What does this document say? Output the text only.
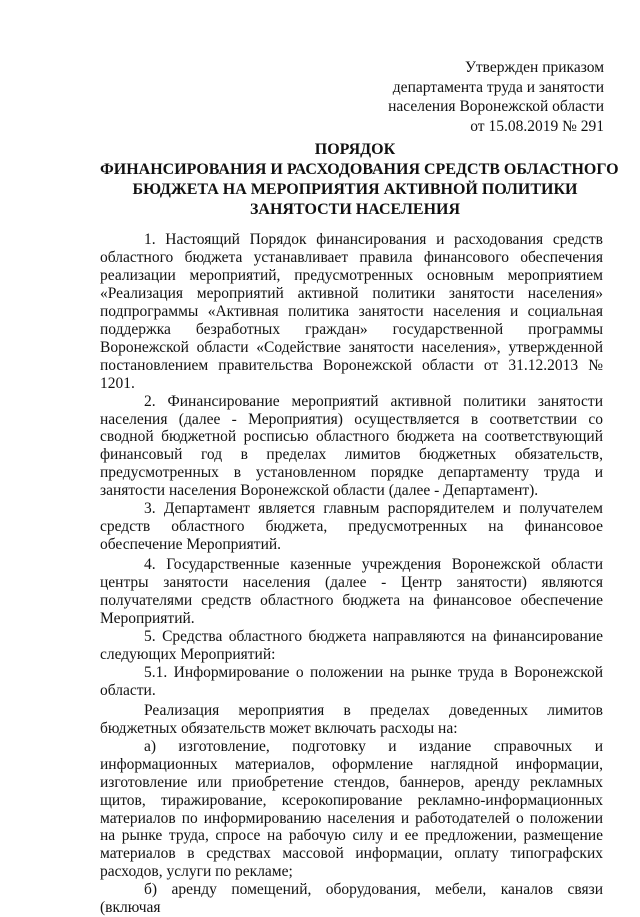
Утвержден приказом
департамента труда и занятости
населения Воронежской области
от 15.08.2019 № 291
ПОРЯДОК
ФИНАНСИРОВАНИЯ И РАСХОДОВАНИЯ СРЕДСТВ ОБЛАСТНОГО
БЮДЖЕТА НА МЕРОПРИЯТИЯ АКТИВНОЙ ПОЛИТИКИ
ЗАНЯТОСТИ НАСЕЛЕНИЯ

1. Настоящий Порядок финансирования и расходования средств областного бюджета устанавливает правила финансового обеспечения реализации мероприятий, предусмотренных основным мероприятием «Реализация мероприятий активной политики занятости населения» подпрограммы «Активная политика занятости населения и социальная поддержка безработных граждан» государственной программы Воронежской области «Содействие занятости населения», утвержденной постановлением правительства Воронежской области от 31.12.2013 № 1201.

2. Финансирование мероприятий активной политики занятости населения (далее - Мероприятия) осуществляется в соответствии со сводной бюджетной росписью областного бюджета на соответствующий финансовый год в пределах лимитов бюджетных обязательств, предусмотренных в установленном порядке департаменту труда и занятости населения Воронежской области (далее - Департамент).

3. Департамент является главным распорядителем и получателем средств областного бюджета, предусмотренных на финансовое обеспечение Мероприятий.

4. Государственные казенные учреждения Воронежской области центры занятости населения (далее - Центр занятости) являются получателями средств областного бюджета на финансовое обеспечение Мероприятий.

5. Средства областного бюджета направляются на финансирование следующих Мероприятий:

5.1. Информирование о положении на рынке труда в Воронежской области.

Реализация мероприятия в пределах доведенных лимитов бюджетных обязательств может включать расходы на:

а) изготовление, подготовку и издание справочных и информационных материалов, оформление наглядной информации, изготовление или приобретение стендов, баннеров, аренду рекламных щитов, тиражирование, ксерокопирование рекламно-информационных материалов по информированию населения и работодателей о положении на рынке труда, спросе на рабочую силу и ее предложении, размещение материалов в средствах массовой информации, оплату типографских расходов, услуги по рекламе;

б) аренду помещений, оборудования, мебели, каналов связи (включая
